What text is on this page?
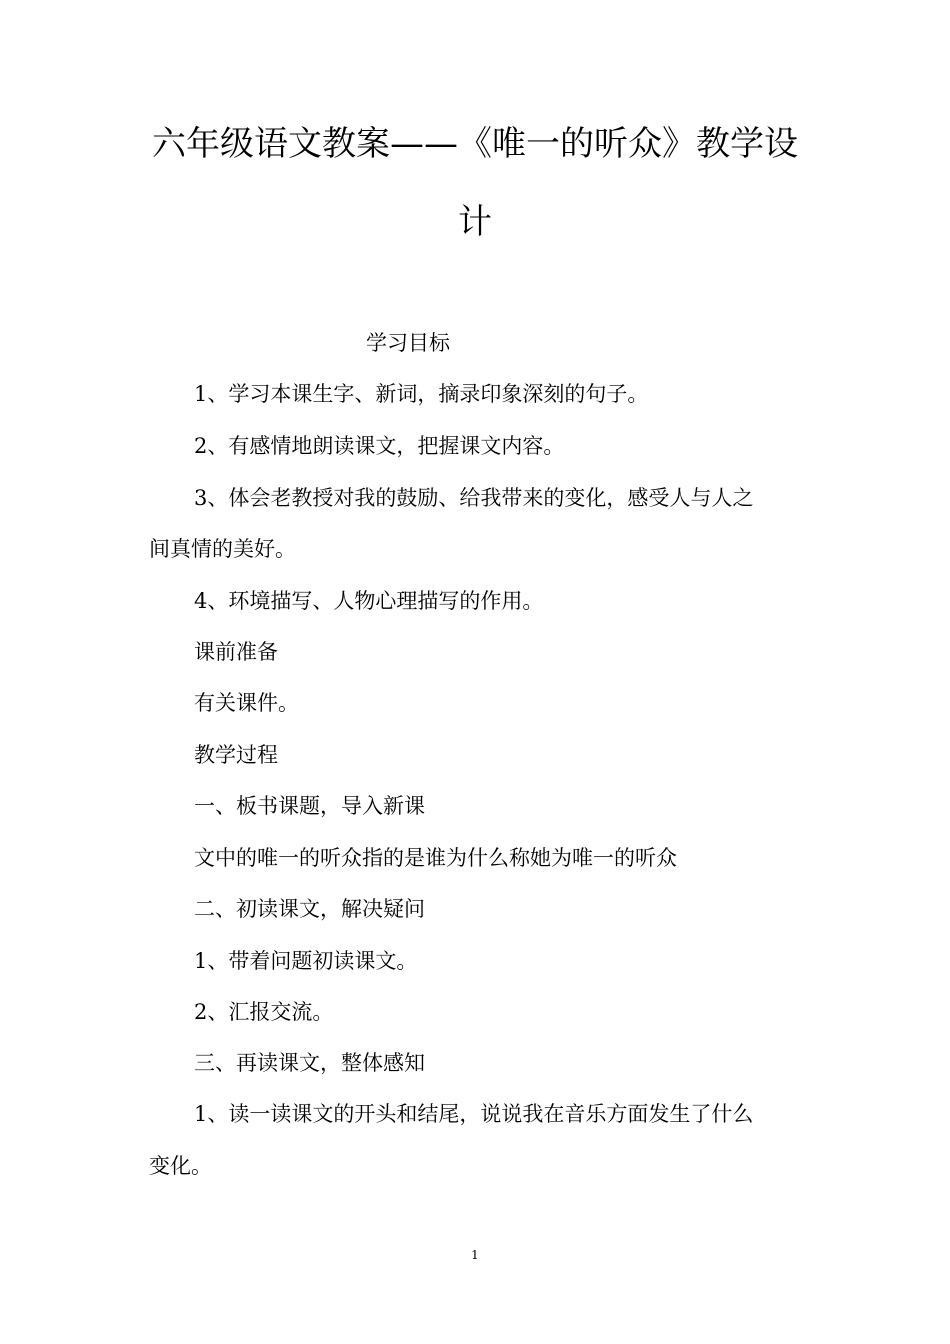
六年级语文教案——《唯一的听众》教学设
计
学习目标
1、学习本课生字、新词，摘录印象深刻的句子。
2、有感情地朗读课文，把握课文内容。
3、体会老教授对我的鼓励、给我带来的变化，感受人与人之
间真情的美好。
4、环境描写、人物心理描写的作用。
课前准备
有关课件。
教学过程
一、板书课题，导入新课
文中的唯一的听众指的是谁为什么称她为唯一的听众
二、初读课文，解决疑问
1、带着问题初读课文。
2、汇报交流。
三、再读课文，整体感知
1、读一读课文的开头和结尾，说说我在音乐方面发生了什么
变化。
1
